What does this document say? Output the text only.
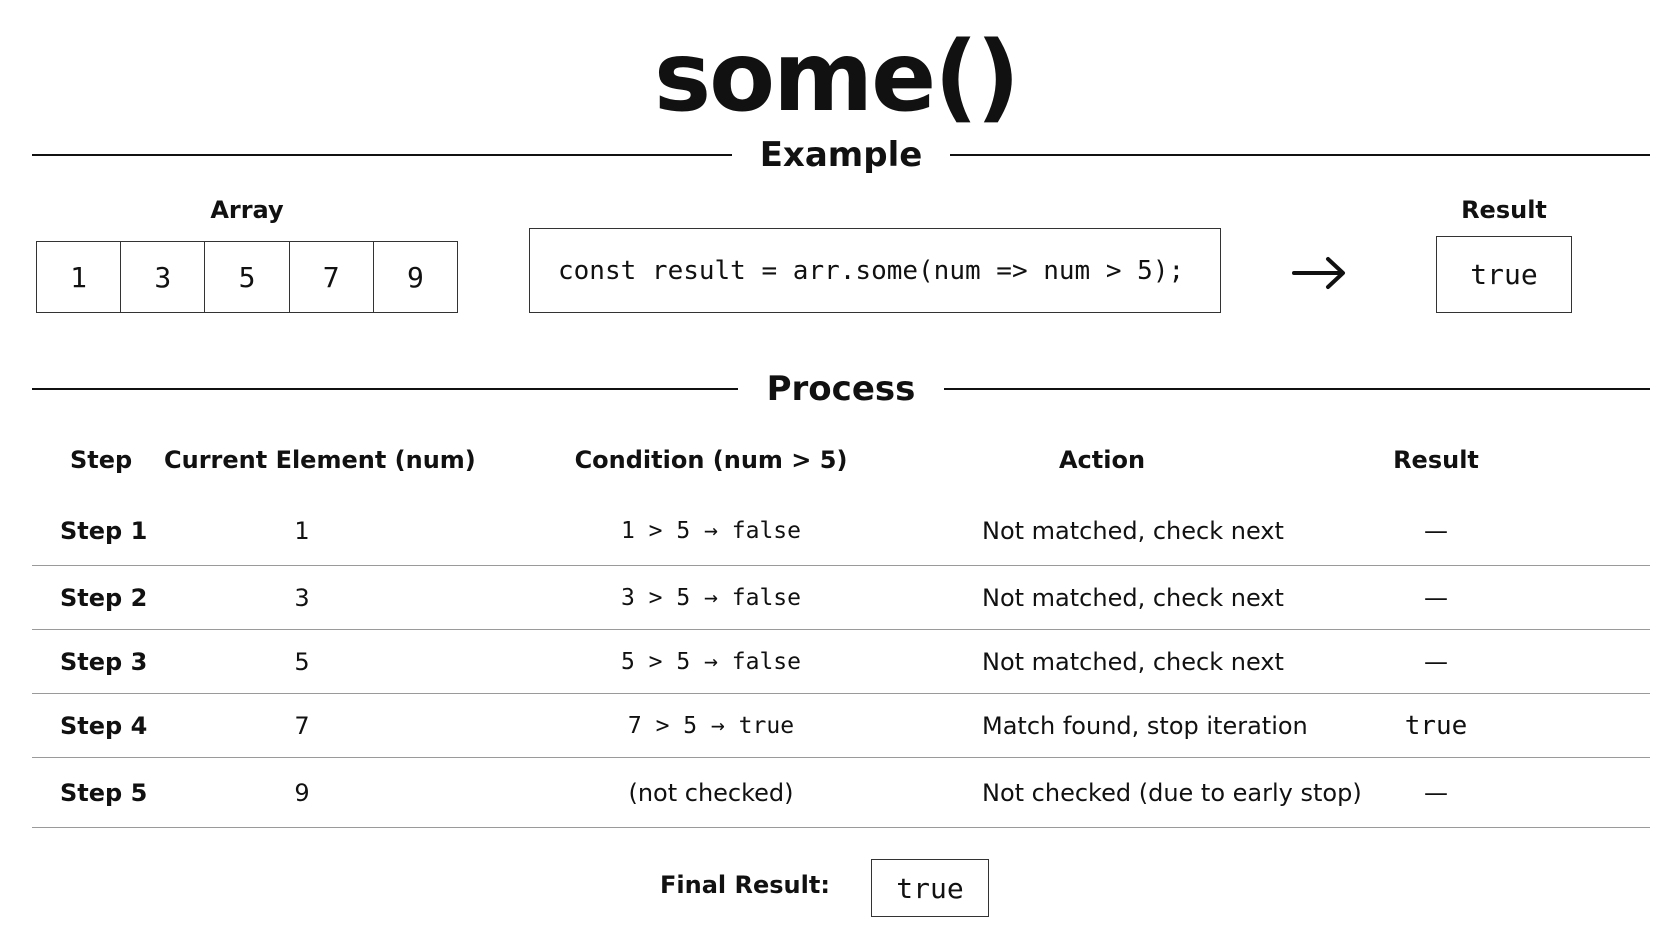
some()
Example
Array
1	3	5	7	9	const result = arr.some(num => num > 5);
Result
true
Process
Step	Current Element (num)	Condition (num > 5)	Action	Result
Step 1	1	1 > 5 → false	Not matched, check next	—
Step 2	3	3 > 5 → false	Not matched, check next	—
Step 3	5	5 > 5 → false	Not matched, check next	—
Step 4	7	7 > 5 → true	Match found, stop iteration	true
Step 5	9	(not checked)	Not checked (due to early stop)	—
Final Result:	true
